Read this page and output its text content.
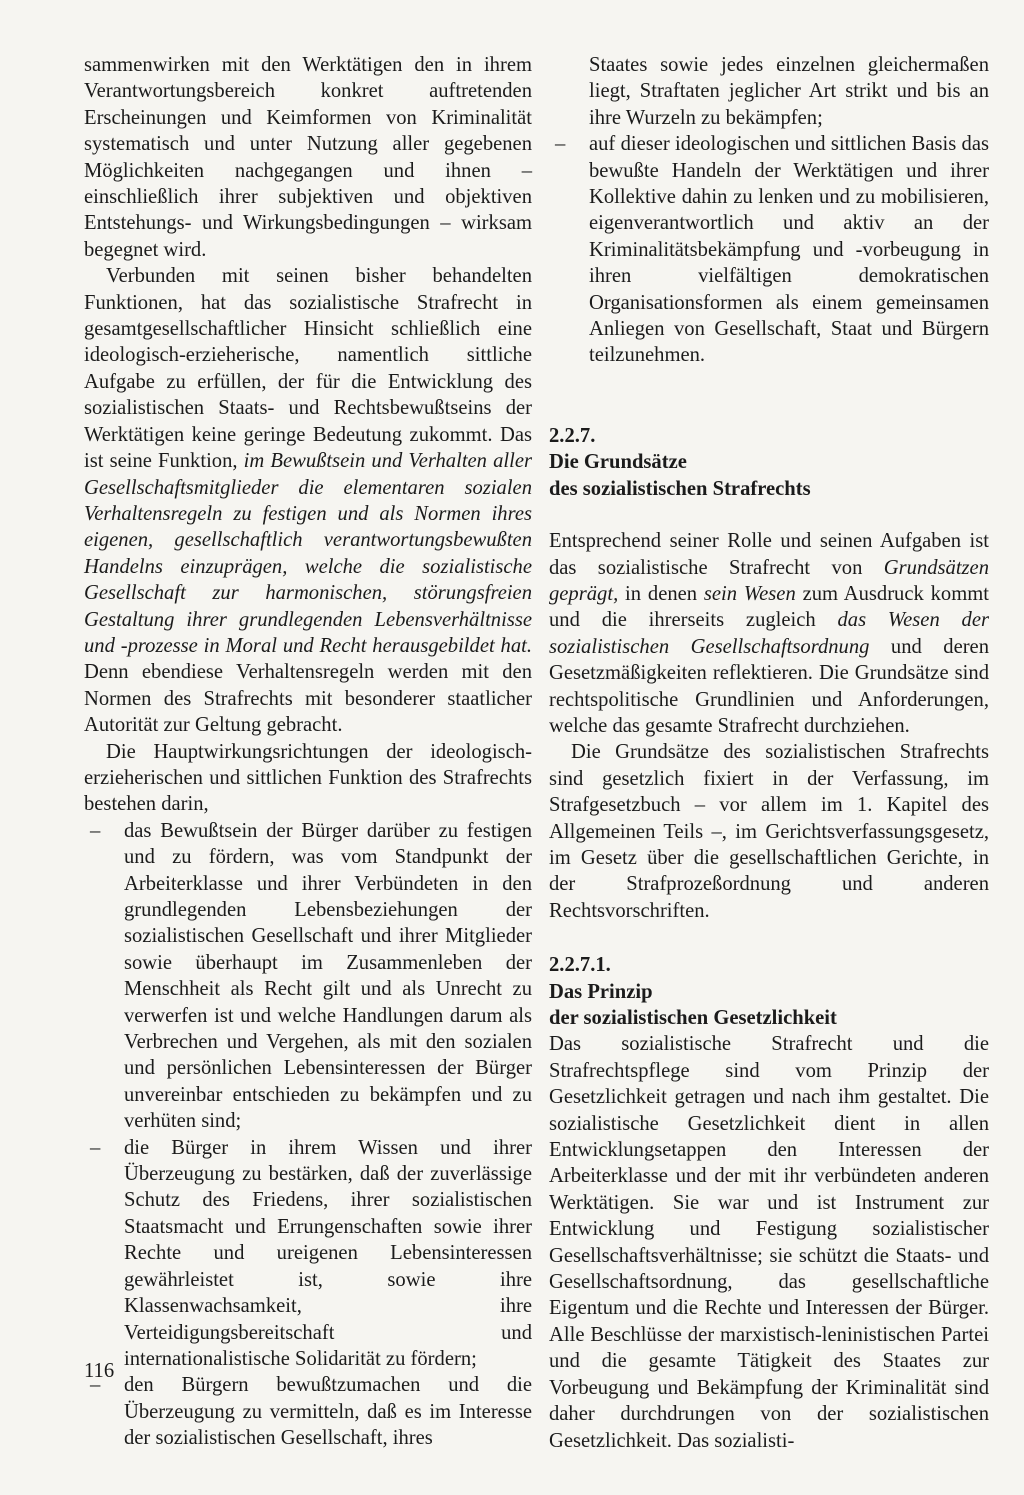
sammenwirken mit den Werktätigen den in ihrem Verantwortungsbereich konkret auftretenden Erscheinungen und Keimformen von Kriminalität systematisch und unter Nutzung aller gegebenen Möglichkeiten nachgegangen und ihnen – einschließlich ihrer subjektiven und objektiven Entstehungs- und Wirkungsbedingungen – wirksam begegnet wird.

Verbunden mit seinen bisher behandelten Funktionen, hat das sozialistische Strafrecht in gesamtgesellschaftlicher Hinsicht schließlich eine ideologisch-erzieherische, namentlich sittliche Aufgabe zu erfüllen, der für die Entwicklung des sozialistischen Staats- und Rechtsbewußtseins der Werktätigen keine geringe Bedeutung zukommt. Das ist seine Funktion, im Bewußtsein und Verhalten aller Gesellschaftsmitglieder die elementaren sozialen Verhaltensregeln zu festigen und als Normen ihres eigenen, gesellschaftlich verantwortungsbewußten Handelns einzuprägen, welche die sozialistische Gesellschaft zur harmonischen, störungsfreien Gestaltung ihrer grundlegenden Lebensverhältnisse und -prozesse in Moral und Recht herausgebildet hat. Denn ebendiese Verhaltensregeln werden mit den Normen des Strafrechts mit besonderer staatlicher Autorität zur Geltung gebracht.

Die Hauptwirkungsrichtungen der ideologisch-erzieherischen und sittlichen Funktion des Strafrechts bestehen darin,

– das Bewußtsein der Bürger darüber zu festigen und zu fördern, was vom Standpunkt der Arbeiterklasse und ihrer Verbündeten in den grundlegenden Lebensbeziehungen der sozialistischen Gesellschaft und ihrer Mitglieder sowie überhaupt im Zusammenleben der Menschheit als Recht gilt und als Unrecht zu verwerfen ist und welche Handlungen darum als Verbrechen und Vergehen, als mit den sozialen und persönlichen Lebensinteressen der Bürger unvereinbar entschieden zu bekämpfen und zu verhüten sind;
– die Bürger in ihrem Wissen und ihrer Überzeugung zu bestärken, daß der zuverlässige Schutz des Friedens, ihrer sozialistischen Staatsmacht und Errungenschaften sowie ihrer Rechte und ureigenen Lebensinteressen gewährleistet ist, sowie ihre Klassenwachsamkeit, ihre Verteidigungsbereitschaft und internationalistische Solidarität zu fördern;
– den Bürgern bewußtzumachen und die Überzeugung zu vermitteln, daß es im Interesse der sozialistischen Gesellschaft, ihres
116
Staates sowie jedes einzelnen gleichermaßen liegt, Straftaten jeglicher Art strikt und bis an ihre Wurzeln zu bekämpfen;
– auf dieser ideologischen und sittlichen Basis das bewußte Handeln der Werktätigen und ihrer Kollektive dahin zu lenken und zu mobilisieren, eigenverantwortlich und aktiv an der Kriminalitätsbekämpfung und -vorbeugung in ihren vielfältigen demokratischen Organisationsformen als einem gemeinsamen Anliegen von Gesellschaft, Staat und Bürgern teilzunehmen.

2.2.7.

Die Grundsätze

des sozialistischen Strafrechts

Entsprechend seiner Rolle und seinen Aufgaben ist das sozialistische Strafrecht von Grundsätzen geprägt, in denen sein Wesen zum Ausdruck kommt und die ihrerseits zugleich das Wesen der sozialistischen Gesellschaftsordnung und deren Gesetzmäßigkeiten reflektieren. Die Grundsätze sind rechtspolitische Grundlinien und Anforderungen, welche das gesamte Strafrecht durchziehen.

Die Grundsätze des sozialistischen Strafrechts sind gesetzlich fixiert in der Verfassung, im Strafgesetzbuch – vor allem im 1. Kapitel des Allgemeinen Teils –, im Gerichtsverfassungsgesetz, im Gesetz über die gesellschaftlichen Gerichte, in der Strafprozeßordnung und anderen Rechtsvorschriften.

2.2.7.1.

Das Prinzip

der sozialistischen Gesetzlichkeit

Das sozialistische Strafrecht und die Strafrechtspflege sind vom Prinzip der Gesetzlichkeit getragen und nach ihm gestaltet. Die sozialistische Gesetzlichkeit dient in allen Entwicklungsetappen den Interessen der Arbeiterklasse und der mit ihr verbündeten anderen Werktätigen. Sie war und ist Instrument zur Entwicklung und Festigung sozialistischer Gesellschaftsverhältnisse; sie schützt die Staats- und Gesellschaftsordnung, das gesellschaftliche Eigentum und die Rechte und Interessen der Bürger. Alle Beschlüsse der marxistisch-leninistischen Partei und die gesamte Tätigkeit des Staates zur Vorbeugung und Bekämpfung der Kriminalität sind daher durchdrungen von der sozialistischen Gesetzlichkeit. Das sozialisti-
